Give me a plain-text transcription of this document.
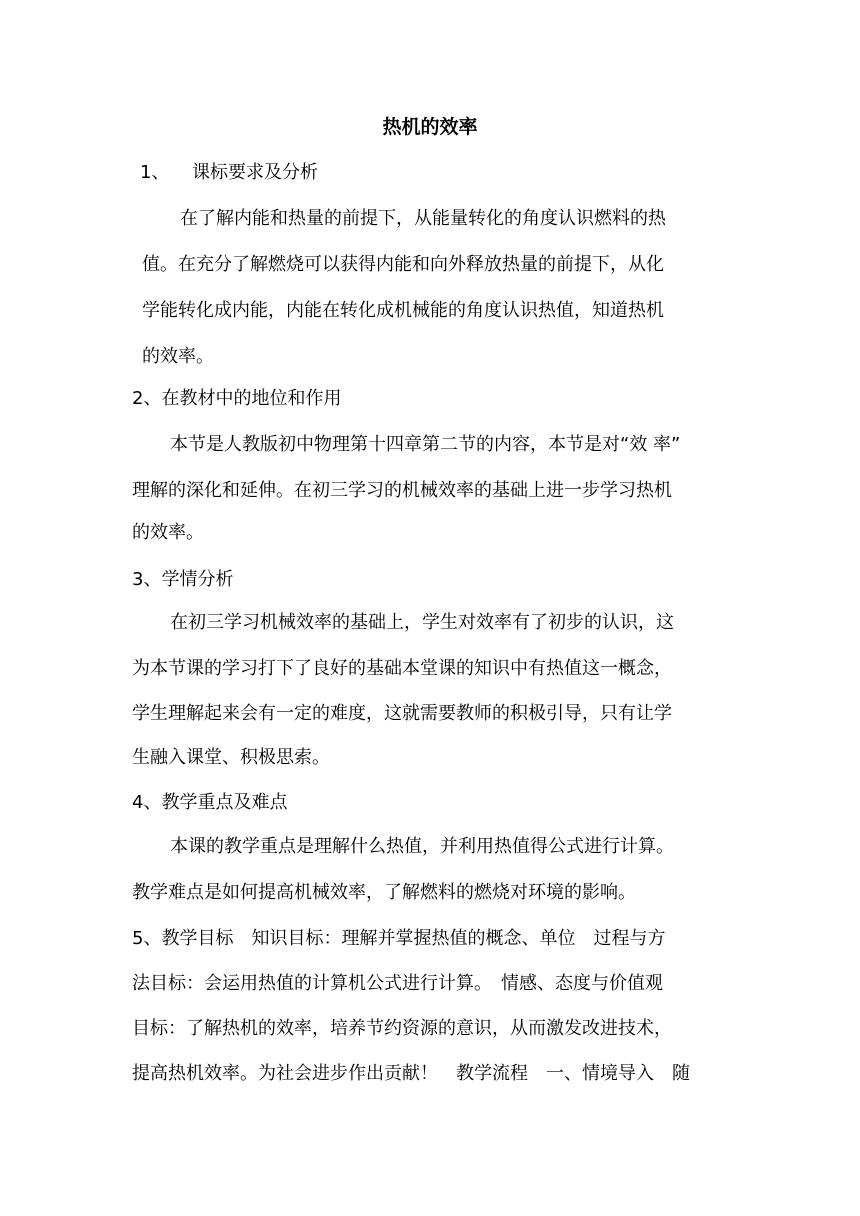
热机的效率
1、 课标要求及分析
在了解内能和热量的前提下，从能量转化的角度认识燃料的热
值。在充分了解燃烧可以获得内能和向外释放热量的前提下，从化
学能转化成内能，内能在转化成机械能的角度认识热值，知道热机
的效率。
2、在教材中的地位和作用
本节是人教版初中物理第十四章第二节的内容，本节是对“效 率”
理解的深化和延伸。在初三学习的机械效率的基础上进一步学习热机
的效率。
3、学情分析
在初三学习机械效率的基础上，学生对效率有了初步的认识，这
为本节课的学习打下了良好的基础本堂课的知识中有热值这一概念，
学生理解起来会有一定的难度，这就需要教师的积极引导，只有让学
生融入课堂、积极思索。
4、教学重点及难点
本课的教学重点是理解什么热值，并利用热值得公式进行计算。
教学难点是如何提高机械效率，了解燃料的燃烧对环境的影响。
5、教学目标　知识目标：理解并掌握热值的概念、单位　过程与方
法目标：会运用热值的计算机公式进行计算。　情感、态度与价值观
目标：了解热机的效率，培养节约资源的意识，从而激发改进技术，
提高热机效率。为社会进步作出贡献！　教学流程　一、情境导入　随
